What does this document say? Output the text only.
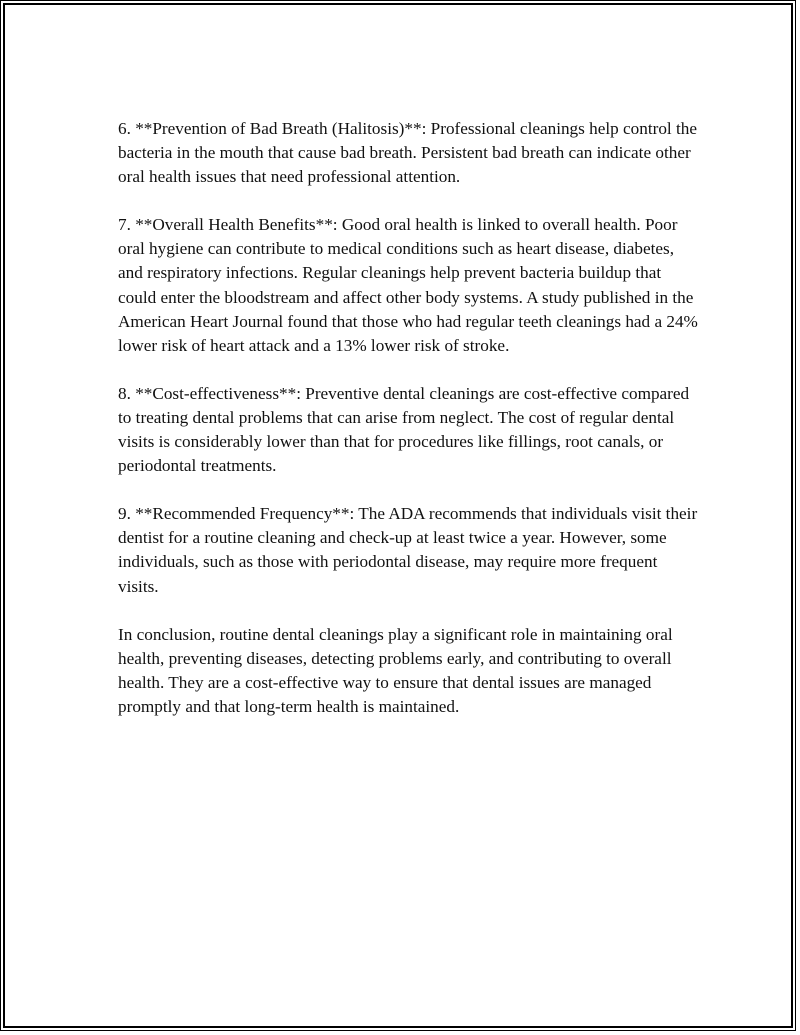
6. **Prevention of Bad Breath (Halitosis)**: Professional cleanings help control the bacteria in the mouth that cause bad breath. Persistent bad breath can indicate other oral health issues that need professional attention.

7. **Overall Health Benefits**: Good oral health is linked to overall health. Poor oral hygiene can contribute to medical conditions such as heart disease, diabetes, and respiratory infections. Regular cleanings help prevent bacteria buildup that could enter the bloodstream and affect other body systems. A study published in the American Heart Journal found that those who had regular teeth cleanings had a 24% lower risk of heart attack and a 13% lower risk of stroke.

8. **Cost-effectiveness**: Preventive dental cleanings are cost-effective compared to treating dental problems that can arise from neglect. The cost of regular dental visits is considerably lower than that for procedures like fillings, root canals, or periodontal treatments.

9. **Recommended Frequency**: The ADA recommends that individuals visit their dentist for a routine cleaning and check-up at least twice a year. However, some individuals, such as those with periodontal disease, may require more frequent visits.

In conclusion, routine dental cleanings play a significant role in maintaining oral health, preventing diseases, detecting problems early, and contributing to overall health. They are a cost-effective way to ensure that dental issues are managed promptly and that long-term health is maintained.
